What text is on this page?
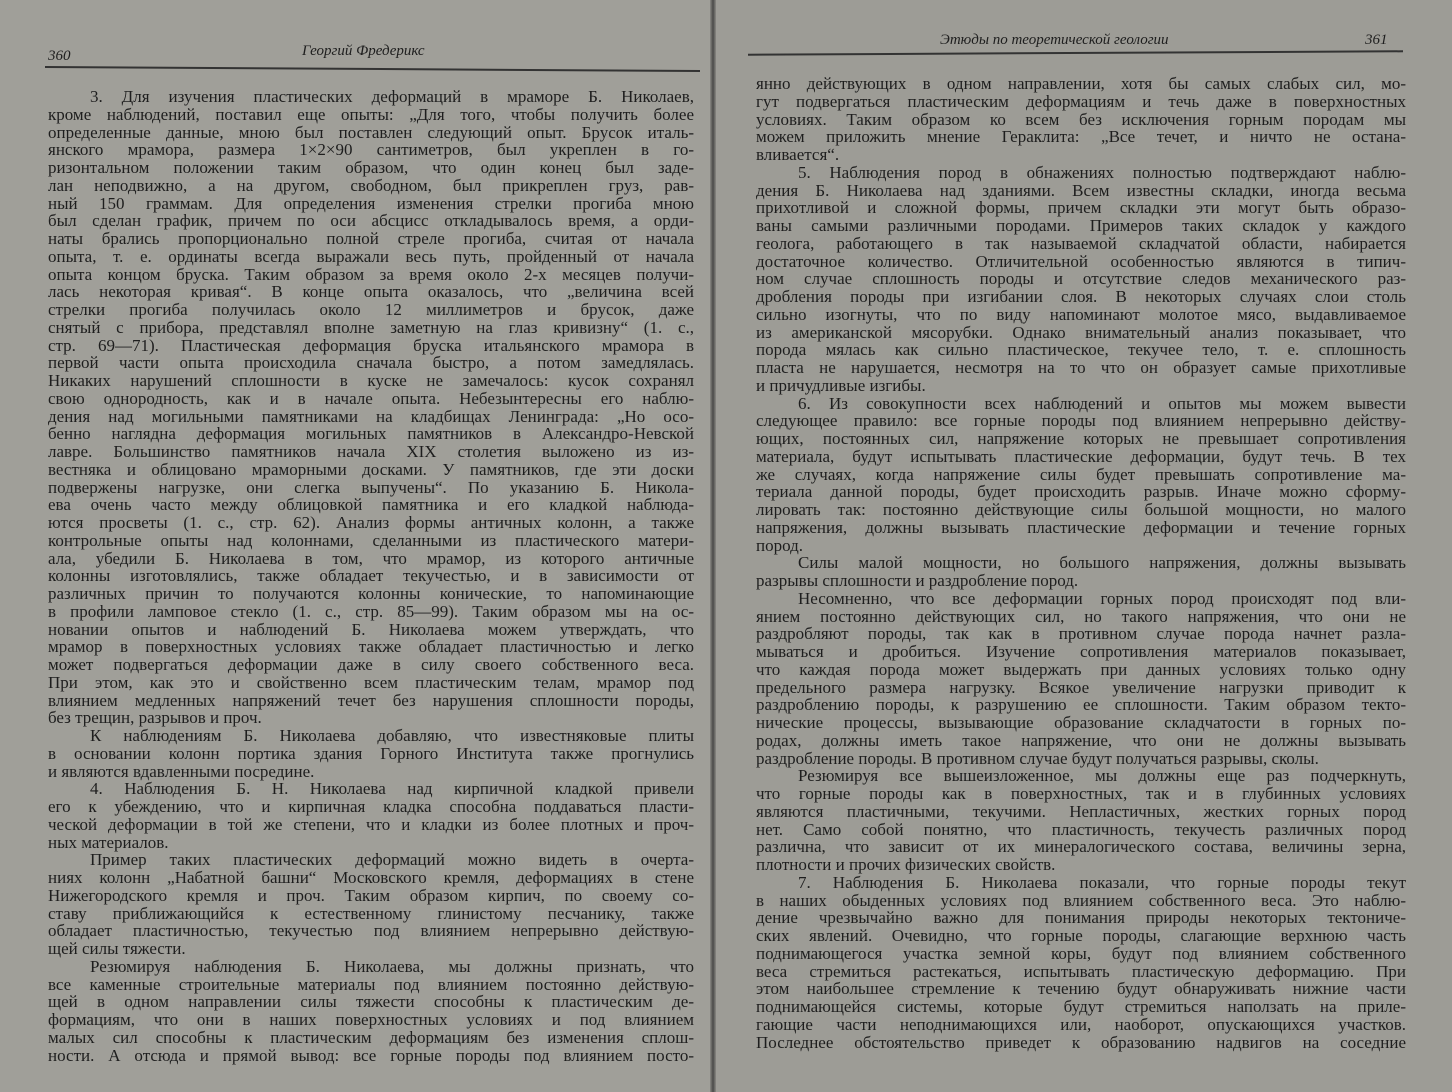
360	Георгий Фредерикс
3. Для изучения пластических деформаций в мраморе Б. Николаев,
кроме наблюдений, поставил еще опыты: „Для того, чтобы получить более
определенные данные, мною был поставлен следующий опыт. Брусок италь-
янского мрамора, размера 1×2×90 сантиметров, был укреплен в го-
ризонтальном положении таким образом, что один конец был заде-
лан неподвижно, а на другом, свободном, был прикреплен груз, рав-
ный 150 граммам. Для определения изменения стрелки прогиба мною
был сделан график, причем по оси абсцисс откладывалось время, а орди-
наты брались пропорционально полной стреле прогиба, считая от начала
опыта, т. е. ординаты всегда выражали весь путь, пройденный от начала
опыта концом бруска. Таким образом за время около 2-х месяцев получи-
лась некоторая кривая“. В конце опыта оказалось, что „величина всей
стрелки прогиба получилась около 12 миллиметров и брусок, даже
снятый с прибора, представлял вполне заметную на глаз кривизну“ (1. с.,
стр. 69—71). Пластическая деформация бруска итальянского мрамора в
первой части опыта происходила сначала быстро, а потом замедлялась.
Никаких нарушений сплошности в куске не замечалось: кусок сохранял
свою однородность, как и в начале опыта. Небезынтересны его наблю-
дения над могильными памятниками на кладбищах Ленинграда: „Но осо-
бенно наглядна деформация могильных памятников в Александро-Невской
лавре. Большинство памятников начала XIX столетия выложено из из-
вестняка и облицовано мраморными досками. У памятников, где эти доски
подвержены нагрузке, они слегка выпучены“. По указанию Б. Никола-
ева очень часто между облицовкой памятника и его кладкой наблюда-
ются просветы (1. с., стр. 62). Анализ формы античных колонн, а также
контрольные опыты над колоннами, сделанными из пластического матери-
ала, убедили Б. Николаева в том, что мрамор, из которого античные
колонны изготовлялись, также обладает текучестью, и в зависимости от
различных причин то получаются колонны конические, то напоминающие
в профили ламповое стекло (1. с., стр. 85—99). Таким образом мы на ос-
новании опытов и наблюдений Б. Николаева можем утверждать, что
мрамор в поверхностных условиях также обладает пластичностью и легко
может подвергаться деформации даже в силу своего собственного веса.
При этом, как это и свойственно всем пластическим телам, мрамор под
влиянием медленных напряжений течет без нарушения сплошности породы,
без трещин, разрывов и проч.
К наблюдениям Б. Николаева добавляю, что известняковые плиты
в основании колонн портика здания Горного Института также прогнулись
и являются вдавленными посредине.
4. Наблюдения Б. Н. Николаева над кирпичной кладкой привели
его к убеждению, что и кирпичная кладка способна поддаваться пласти-
ческой деформации в той же степени, что и кладки из более плотных и проч-
ных материалов.
Пример таких пластических деформаций можно видеть в очерта-
ниях колонн „Набатной башни“ Московского кремля, деформациях в стене
Нижегородского кремля и проч. Таким образом кирпич, по своему со-
ставу приближающийся к естественному глинистому песчанику, также
обладает пластичностью, текучестью под влиянием непрерывно действую-
щей силы тяжести.
Резюмируя наблюдения Б. Николаева, мы должны признать, что
все каменные строительные материалы под влиянием постоянно действую-
щей в одном направлении силы тяжести способны к пластическим де-
формациям, что они в наших поверхностных условиях и под влиянием
малых сил способны к пластическим деформациям без изменения сплош-
ности. А отсюда и прямой вывод: все горные породы под влиянием посто-
Этюды по теоретической геологии	361
янно действующих в одном направлении, хотя бы самых слабых сил, мо-
гут подвергаться пластическим деформациям и течь даже в поверхностных
условиях. Таким образом ко всем без исключения горным породам мы
можем приложить мнение Гераклита: „Все течет, и ничто не остана-
вливается“.
5. Наблюдения пород в обнажениях полностью подтверждают наблю-
дения Б. Николаева над зданиями. Всем известны складки, иногда весьма
прихотливой и сложной формы, причем складки эти могут быть образо-
ваны самыми различными породами. Примеров таких складок у каждого
геолога, работающего в так называемой складчатой области, набирается
достаточное количество. Отличительной особенностью являются в типич-
ном случае сплошность породы и отсутствие следов механического раз-
дробления породы при изгибании слоя. В некоторых случаях слои столь
сильно изогнуты, что по виду напоминают молотое мясо, выдавливаемое
из американской мясорубки. Однако внимательный анализ показывает, что
порода мялась как сильно пластическое, текучее тело, т. е. сплошность
пласта не нарушается, несмотря на то что он образует самые прихотливые
и причудливые изгибы.
6. Из совокупности всех наблюдений и опытов мы можем вывести
следующее правило: все горные породы под влиянием непрерывно действу-
ющих, постоянных сил, напряжение которых не превышает сопротивления
материала, будут испытывать пластические деформации, будут течь. В тех
же случаях, когда напряжение силы будет превышать сопротивление ма-
териала данной породы, будет происходить разрыв. Иначе можно сформу-
лировать так: постоянно действующие силы большой мощности, но малого
напряжения, должны вызывать пластические деформации и течение горных
пород.
Силы малой мощности, но большого напряжения, должны вызывать
разрывы сплошности и раздробление пород.
Несомненно, что все деформации горных пород происходят под вли-
янием постоянно действующих сил, но такого напряжения, что они не
раздробляют породы, так как в противном случае порода начнет разла-
мываться и дробиться. Изучение сопротивления материалов показывает,
что каждая порода может выдержать при данных условиях только одну
предельного размера нагрузку. Всякое увеличение нагрузки приводит к
раздроблению породы, к разрушению ее сплошности. Таким образом текто-
нические процессы, вызывающие образование складчатости в горных по-
родах, должны иметь такое напряжение, что они не должны вызывать
раздробление породы. В противном случае будут получаться разрывы, сколы.
Резюмируя все вышеизложенное, мы должны еще раз подчеркнуть,
что горные породы как в поверхностных, так и в глубинных условиях
являются пластичными, текучими. Непластичных, жестких горных пород
нет. Само собой понятно, что пластичность, текучесть различных пород
различна, что зависит от их минералогического состава, величины зерна,
плотности и прочих физических свойств.
7. Наблюдения Б. Николаева показали, что горные породы текут
в наших обыденных условиях под влиянием собственного веса. Это наблю-
дение чрезвычайно важно для понимания природы некоторых тектониче-
ских явлений. Очевидно, что горные породы, слагающие верхнюю часть
поднимающегося участка земной коры, будут под влиянием собственного
веса стремиться растекаться, испытывать пластическую деформацию. При
этом наибольшее стремление к течению будут обнаруживать нижние части
поднимающейся системы, которые будут стремиться наползать на приле-
гающие части неподнимающихся или, наоборот, опускающихся участков.
Последнее обстоятельство приведет к образованию надвигов на соседние
